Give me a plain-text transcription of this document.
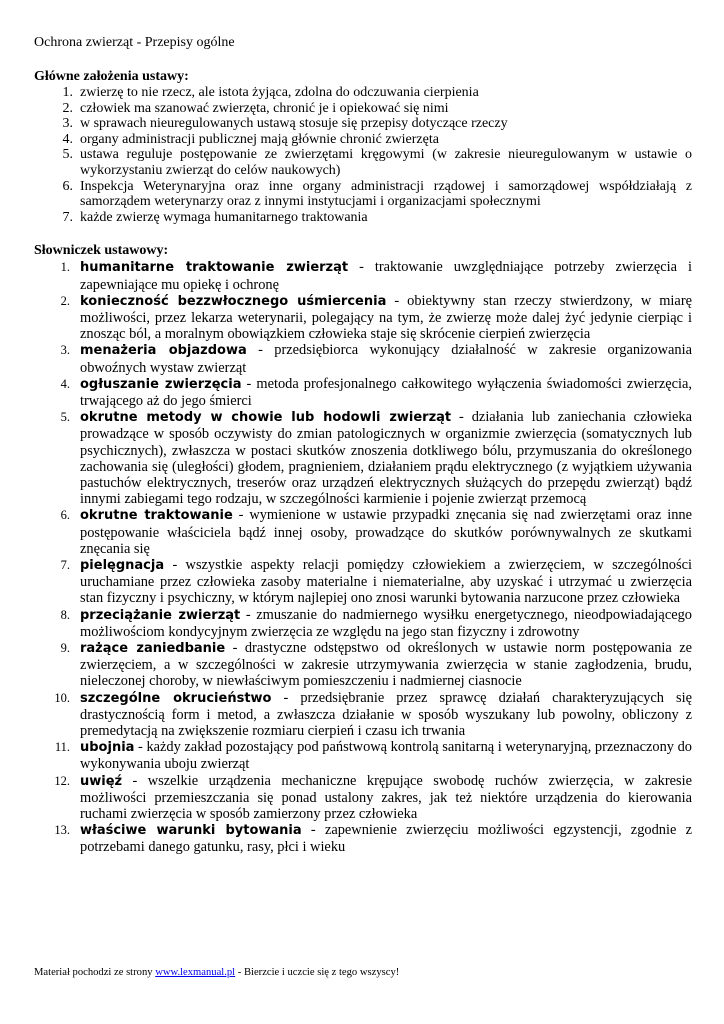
Ochrona zwierząt - Przepisy ogólne

Główne założenia ustawy:

1. zwierzę to nie rzecz, ale istota żyjąca, zdolna do odczuwania cierpienia
2. człowiek ma szanować zwierzęta, chronić je i opiekować się nimi
3. w sprawach nieuregulowanych ustawą stosuje się przepisy dotyczące rzeczy
4. organy administracji publicznej mają głównie chronić zwierzęta
5. ustawa reguluje postępowanie ze zwierzętami kręgowymi (w zakresie nieuregulowanym w ustawie o wykorzystaniu zwierząt do celów naukowych)
6. Inspekcja Weterynaryjna oraz inne organy administracji rządowej i samorządowej współdziałają z samorządem weterynarzy oraz z innymi instytucjami i organizacjami społecznymi
7. każde zwierzę wymaga humanitarnego traktowania

Słowniczek ustawowy:

1. humanitarne traktowanie zwierząt - traktowanie uwzględniające potrzeby zwierzęcia i zapewniające mu opiekę i ochronę
2. konieczność bezzwłocznego uśmiercenia - obiektywny stan rzeczy stwierdzony, w miarę możliwości, przez lekarza weterynarii, polegający na tym, że zwierzę może dalej żyć jedynie cierpiąc i znosząc ból, a moralnym obowiązkiem człowieka staje się skrócenie cierpień zwierzęcia
3. menażeria objazdowa - przedsiębiorca wykonujący działalność w zakresie organizowania obwoźnych wystaw zwierząt
4. ogłuszanie zwierzęcia - metoda profesjonalnego całkowitego wyłączenia świadomości zwierzęcia, trwającego aż do jego śmierci
5. okrutne metody w chowie lub hodowli zwierząt - działania lub zaniechania człowieka prowadzące w sposób oczywisty do zmian patologicznych w organizmie zwierzęcia (somatycznych lub psychicznych), zwłaszcza w postaci skutków znoszenia dotkliwego bólu, przymuszania do określonego zachowania się (uległości) głodem, pragnieniem, działaniem prądu elektrycznego (z wyjątkiem używania pastuchów elektrycznych, treserów oraz urządzeń elektrycznych służących do przepędu zwierząt) bądź innymi zabiegami tego rodzaju, w szczególności karmienie i pojenie zwierząt przemocą
6. okrutne traktowanie - wymienione w ustawie przypadki znęcania się nad zwierzętami oraz inne postępowanie właściciela bądź innej osoby, prowadzące do skutków porównywalnych ze skutkami znęcania się
7. pielęgnacja - wszystkie aspekty relacji pomiędzy człowiekiem a zwierzęciem, w szczególności uruchamiane przez człowieka zasoby materialne i niematerialne, aby uzyskać i utrzymać u zwierzęcia stan fizyczny i psychiczny, w którym najlepiej ono znosi warunki bytowania narzucone przez człowieka
8. przeciążanie zwierząt - zmuszanie do nadmiernego wysiłku energetycznego, nieodpowiadającego możliwościom kondycyjnym zwierzęcia ze względu na jego stan fizyczny i zdrowotny
9. rażące zaniedbanie - drastyczne odstępstwo od określonych w ustawie norm postępowania ze zwierzęciem, a w szczególności w zakresie utrzymywania zwierzęcia w stanie zagłodzenia, brudu, nieleczonej choroby, w niewłaściwym pomieszczeniu i nadmiernej ciasnocie
10. szczególne okrucieństwo - przedsiębranie przez sprawcę działań charakteryzujących się drastycznością form i metod, a zwłaszcza działanie w sposób wyszukany lub powolny, obliczony z premedytacją na zwiększenie rozmiaru cierpień i czasu ich trwania
11. ubojnia - każdy zakład pozostający pod państwową kontrolą sanitarną i weterynaryjną, przeznaczony do wykonywania uboju zwierząt
12. uwięź - wszelkie urządzenia mechaniczne krępujące swobodę ruchów zwierzęcia, w zakresie możliwości przemieszczania się ponad ustalony zakres, jak też niektóre urządzenia do kierowania ruchami zwierzęcia w sposób zamierzony przez człowieka
13. właściwe warunki bytowania - zapewnienie zwierzęciu możliwości egzystencji, zgodnie z potrzebami danego gatunku, rasy, płci i wieku
Materiał pochodzi ze strony www.lexmanual.pl - Bierzcie i uczcie się z tego wszyscy!
